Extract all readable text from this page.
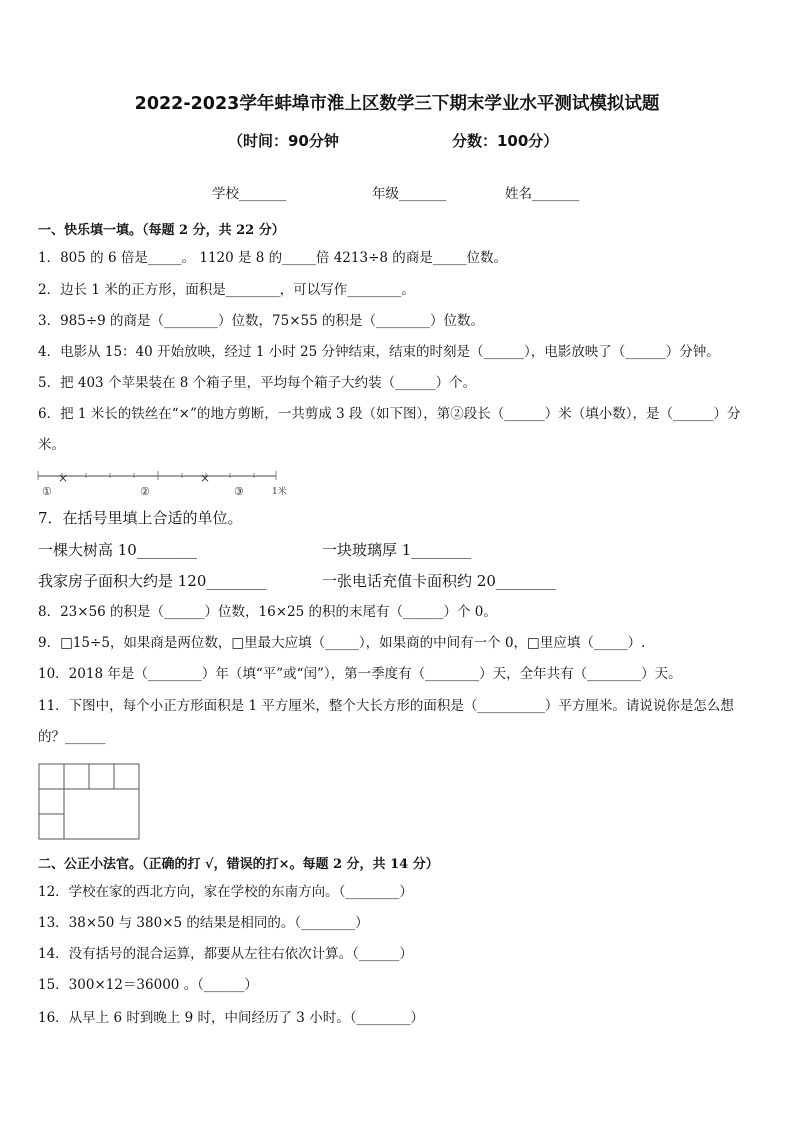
2022-2023学年蚌埠市淮上区数学三下期末学业水平测试模拟试题
（时间：90分钟	分数：100分）
学校_______	年级_______	姓名_______
一、快乐填一填。（每题 2 分，共 22 分）
1．805 的 6 倍是_____。 1120 是 8 的_____倍 4213÷8 的商是_____位数。
2．边长 1 米的正方形，面积是________，可以写作________。
3．985÷9 的商是（________）位数，75×55 的积是（________）位数。
4．电影从 15：40 开始放映，经过 1 小时 25 分钟结束，结束的时刻是（______），电影放映了（______）分钟。
5．把 403 个苹果装在 8 个箱子里，平均每个箱子大约装（______）个。
6．把 1 米长的铁丝在“×”的地方剪断，一共剪成 3 段（如下图），第②段长（______）米（填小数），是（______）分
米。
×	×
①	②	③	1米
7．在括号里填上合适的单位。
一棵大树高 10________	一块玻璃厚 1________
我家房子面积大约是 120________	一张电话充值卡面积约 20________
8．23×56 的积是（______）位数，16×25 的积的末尾有（______）个 0。
9．□15÷5，如果商是两位数，□里最大应填（_____），如果商的中间有一个 0，□里应填（_____）.
10．2018 年是（________）年（填“平”或“闰”），第一季度有（________）天，全年共有（________）天。
11．下图中，每个小正方形面积是 1 平方厘米，整个大长方形的面积是（__________）平方厘米。请说说你是怎么想
的？______
二、公正小法官。（正确的打 √，错误的打×。每题 2 分，共 14 分）
12．学校在家的西北方向，家在学校的东南方向。（________）
13．38×50 与 380×5 的结果是相同的。（________）
14．没有括号的混合运算，都要从左往右依次计算。（______）
15．300×12＝36000 。（______）
16．从早上 6 时到晚上 9 时，中间经历了 3 小时。（________）
